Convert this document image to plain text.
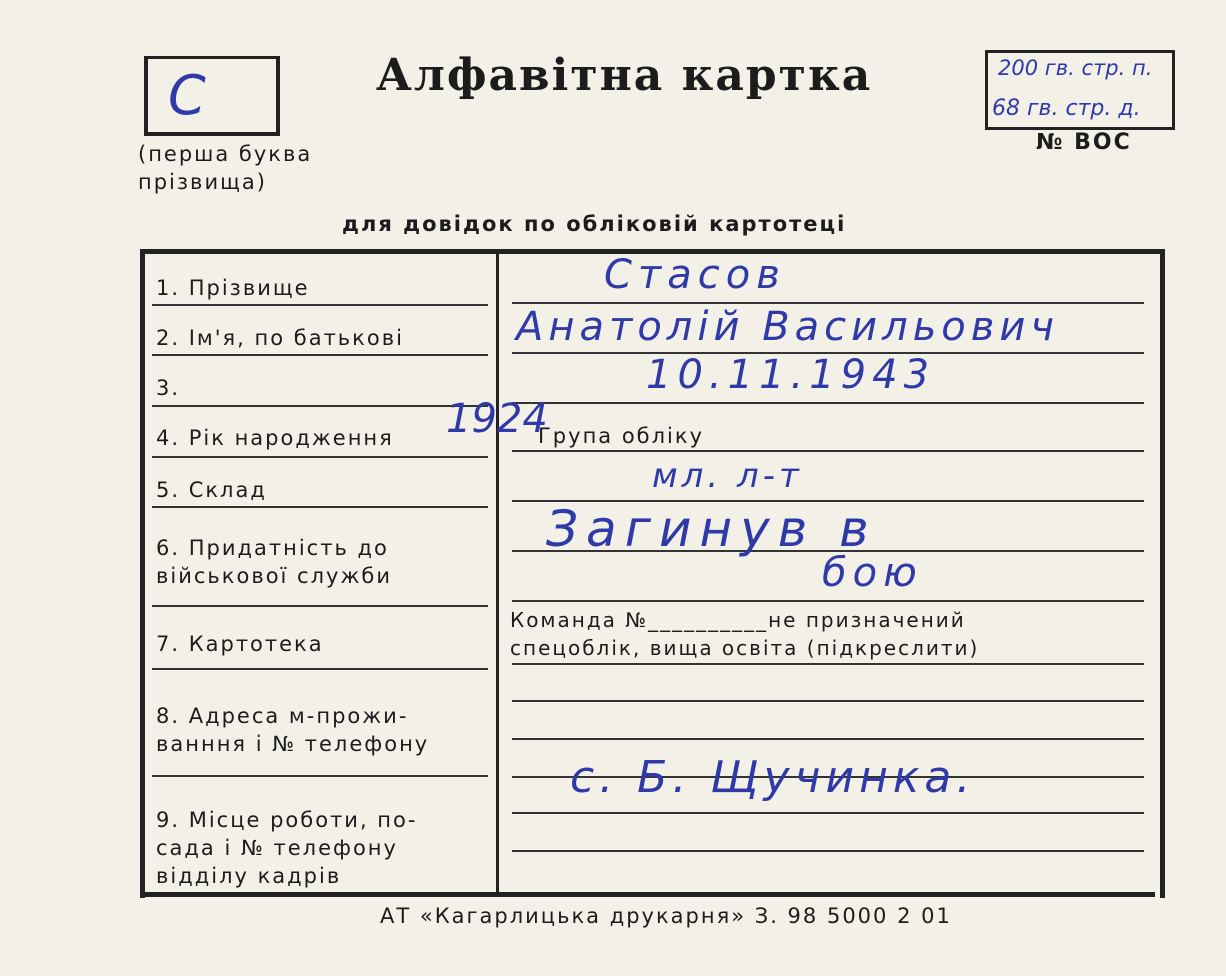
С
(перша буква
прізвища)
Алфавітна картка	200 гв. стр. п.
68 гв. стр. д.
№ ВОС
для довідок по обліковій картотеці
1. Прізвище
2. Ім'я, по батькові
3.
4. Рік народження	Група обліку
5. Склад
6. Придатність до
військової служби
Команда №__________не призначений
спецоблік, вища освіта (підкреслити)
7. Картотека
8. Адреса м-прожи-
ванння і № телефону
9. Місце роботи, по-
сада і № телефону
відділу кадрів
Стасов
Анатолій Васильович
10.11.1943
1924
мл. л-т
Загинув в
бою
с. Б. Щучинка.
АТ «Кагарлицька друкарня» З. 98 5000 2 01
